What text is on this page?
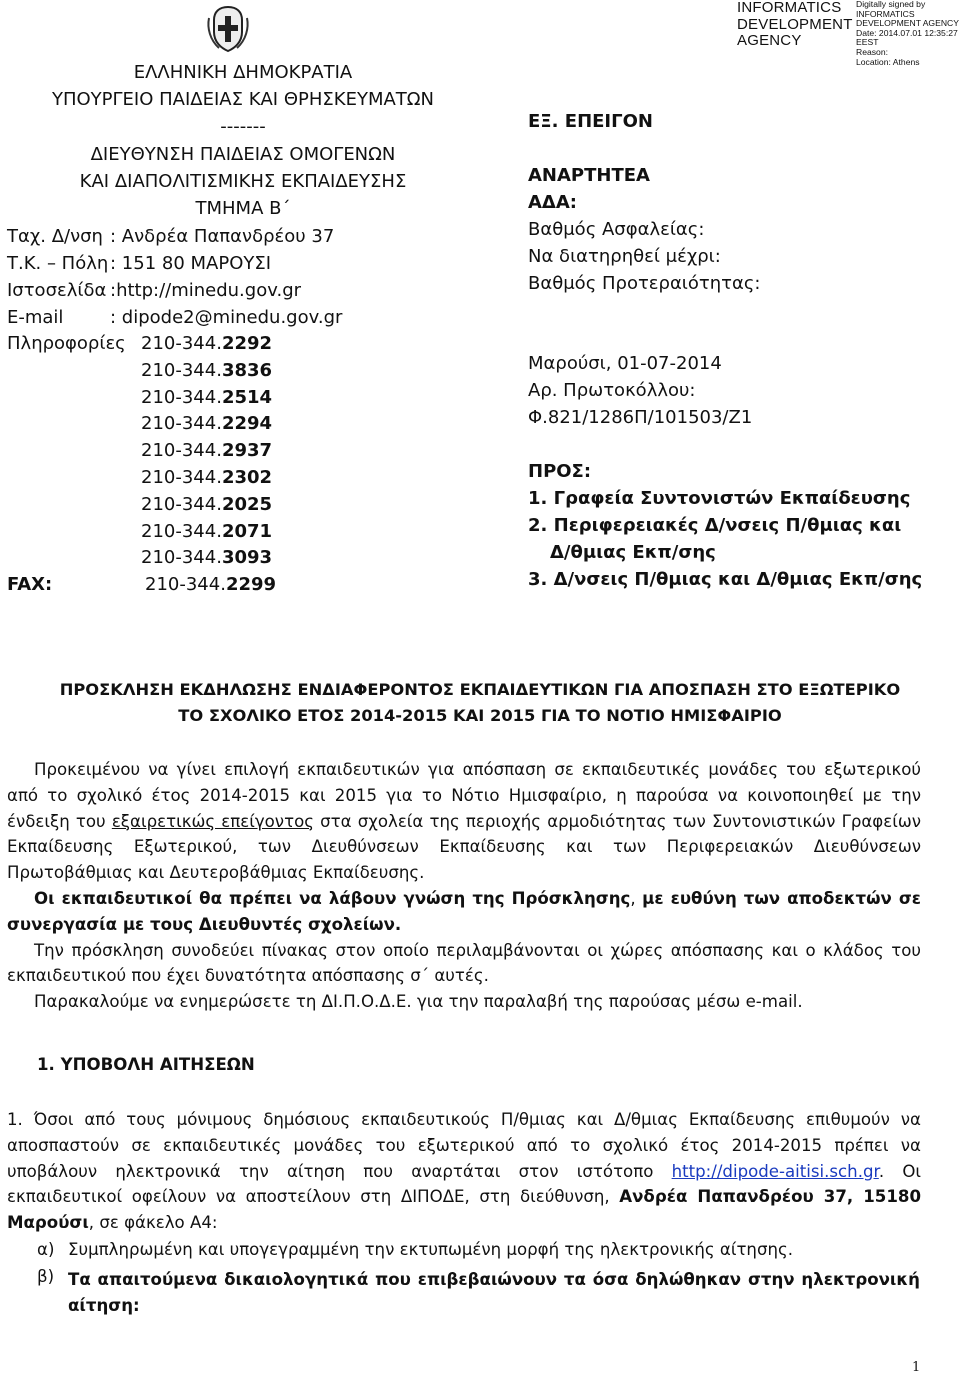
ΕΛΛΗΝΙΚΗ ΔΗΜΟΚΡΑΤΙΑ
ΥΠΟΥΡΓΕΙΟ ΠΑΙΔΕΙΑΣ ΚΑΙ ΘΡΗΣΚΕΥΜΑΤΩΝ
-------
ΔΙΕΥΘΥΝΣΗ ΠΑΙΔΕΙΑΣ ΟΜΟΓΕΝΩΝ
ΚΑΙ ΔΙΑΠΟΛΙΤΙΣΜΙΚΗΣ ΕΚΠΑΙΔΕΥΣΗΣ
ΤΜΗΜΑ Β΄
Ταχ. Δ/νση : Ανδρέα Παπανδρέου 37
Τ.Κ. – Πόλη : 151 80 ΜΑΡΟΥΣΙ
Ιστοσελίδα :http://minedu.gov.gr
E-mail	: dipode2@minedu.gov.gr
Πληροφορίες 210-344.2292
210-344.3836
210-344.2514
210-344.2294
210-344.2937
210-344.2302
210-344.2025
210-344.2071
210-344.3093
FAX:	210-344.2299
INFORMATICS DEVELOPMENT AGENCY
Digitally signed by
INFORMATICS DEVELOPMENT AGENCY
Date: 2014.07.01 12:35:27 EEST
Reason:
Location: Athens
ΕΞ. ΕΠΕΙΓΟΝ
ΑΝΑΡΤΗΤΕΑ
ΑΔΑ:
Βαθμός Ασφαλείας:
Να διατηρηθεί μέχρι:
Βαθμός Προτεραιότητας:
Μαρούσι, 01-07-2014
Αρ. Πρωτοκόλλου:
Φ.821/1286Π/101503/Ζ1
ΠΡΟΣ:
1. Γραφεία Συντονιστών Εκπαίδευσης
2. Περιφερειακές Δ/νσεις Π/θμιας και
Δ/θμιας Εκπ/σης
3. Δ/νσεις Π/θμιας και Δ/θμιας Εκπ/σης
ΠΡΟΣΚΛΗΣΗ ΕΚΔΗΛΩΣΗΣ ΕΝΔΙΑΦΕΡΟΝΤΟΣ ΕΚΠΑΙΔΕΥΤΙΚΩΝ ΓΙΑ ΑΠΟΣΠΑΣΗ ΣΤΟ ΕΞΩΤΕΡΙΚΟ
ΤΟ ΣΧΟΛΙΚΟ ΕΤΟΣ 2014-2015 ΚΑΙ 2015 ΓΙΑ ΤΟ ΝΟΤΙΟ ΗΜΙΣΦΑΙΡΙΟ

Προκειμένου να γίνει επιλογή εκπαιδευτικών για απόσπαση σε εκπαιδευτικές μονάδες του εξωτερικού από το σχολικό έτος 2014-2015 και 2015 για το Νότιο Ημισφαίριο, η παρούσα να κοινοποιηθεί με την ένδειξη του εξαιρετικώς επείγοντος στα σχολεία της περιοχής αρμοδιότητας των Συντονιστικών Γραφείων Εκπαίδευσης Εξωτερικού, των Διευθύνσεων Εκπαίδευσης και των Περιφερειακών Διευθύνσεων Πρωτοβάθμιας και Δευτεροβάθμιας Εκπαίδευσης.

Οι εκπαιδευτικοί θα πρέπει να λάβουν γνώση της Πρόσκλησης, με ευθύνη των αποδεκτών σε συνεργασία με τους Διευθυντές σχολείων.

Την πρόσκληση συνοδεύει πίνακας στον οποίο περιλαμβάνονται οι χώρες απόσπασης και ο κλάδος του εκπαιδευτικού που έχει δυνατότητα απόσπασης σ΄ αυτές.

Παρακαλούμε να ενημερώσετε τη ΔΙ.Π.Ο.Δ.Ε. για την παραλαβή της παρούσας μέσω e-mail.

1. ΥΠΟΒΟΛΗ ΑΙΤΗΣΕΩΝ

1. Όσοι από τους μόνιμους δημόσιους εκπαιδευτικούς Π/θμιας και Δ/θμιας Εκπαίδευσης επιθυμούν να αποσπαστούν σε εκπαιδευτικές μονάδες του εξωτερικού από το σχολικό έτος 2014-2015 πρέπει να υποβάλουν ηλεκτρονικά την αίτηση που αναρτάται στον ιστότοπο http://dipode-aitisi.sch.gr. Οι εκπαιδευτικοί οφείλουν να αποστείλουν στη ΔΙΠΟΔΕ, στη διεύθυνση, Ανδρέα Παπανδρέου 37, 15180 Μαρούσι, σε φάκελο Α4:

α) Συμπληρωμένη και υπογεγραμμένη την εκτυπωμένη μορφή της ηλεκτρονικής αίτησης.
β) Τα απαιτούμενα δικαιολογητικά που επιβεβαιώνουν τα όσα δηλώθηκαν στην ηλεκτρονική αίτηση:
1
